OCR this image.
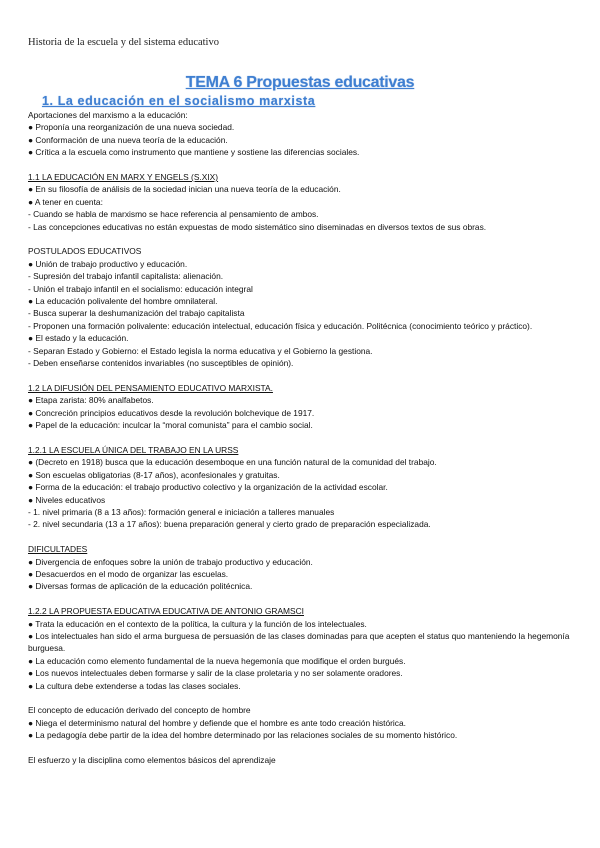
Historia de la escuela y del sistema educativo
TEMA 6 Propuestas educativas
1. La educación en el socialismo marxista

Aportaciones del marxismo a la educación:

● Proponía una reorganización de una nueva sociedad.

● Conformación de una nueva teoría de la educación.

● Crítica a la escuela como instrumento que mantiene y sostiene las diferencias sociales.

1.1 LA EDUCACIÓN EN MARX Y ENGELS (S.XIX)

● En su filosofía de análisis de la sociedad inician una nueva teoría de la educación.

● A tener en cuenta:

- Cuando se habla de marxismo se hace referencia al pensamiento de ambos.

- Las concepciones educativas no están expuestas de modo sistemático sino diseminadas en diversos textos de sus obras.

POSTULADOS EDUCATIVOS

● Unión de trabajo productivo y educación.

- Supresión del trabajo infantil capitalista: alienación.

- Unión el trabajo infantil en el socialismo: educación integral

● La educación polivalente del hombre omnilateral.

- Busca superar la deshumanización del trabajo capitalista

- Proponen una formación polivalente: educación intelectual, educación física y educación. Politécnica (conocimiento teórico y práctico).

● El estado y la educación.

- Separan Estado y Gobierno: el Estado legisla la norma educativa y el Gobierno la gestiona.

- Deben enseñarse contenidos invariables (no susceptibles de opinión).

1.2 LA DIFUSIÓN DEL PENSAMIENTO EDUCATIVO MARXISTA.

● Etapa zarista: 80% analfabetos.

● Concreción principios educativos desde la revolución bolchevique de 1917.

● Papel de la educación: inculcar la “moral comunista” para el cambio social.

1.2.1 LA ESCUELA ÚNICA DEL TRABAJO EN LA URSS

● (Decreto en 1918) busca que la educación desemboque en una función natural de la comunidad del trabajo.

● Son escuelas obligatorias (8-17 años), aconfesionales y gratuitas.

● Forma de la educación: el trabajo productivo colectivo y la organización de la actividad escolar.

● Niveles educativos

- 1. nivel primaria (8 a 13 años): formación general e iniciación a talleres manuales

- 2. nivel secundaria (13 a 17 años): buena preparación general y cierto grado de preparación especializada.

DIFICULTADES

● Divergencia de enfoques sobre la unión de trabajo productivo y educación.

● Desacuerdos en el modo de organizar las escuelas.

● Diversas formas de aplicación de la educación politécnica.

1.2.2 LA PROPUESTA EDUCATIVA EDUCATIVA DE ANTONIO GRAMSCI

● Trata la educación en el contexto de la política, la cultura y la función de los intelectuales.

● Los intelectuales han sido el arma burguesa de persuasión de las clases dominadas para que acepten el status quo manteniendo la hegemonía burguesa.

● La educación como elemento fundamental de la nueva hegemonía que modifique el orden burgués.

● Los nuevos intelectuales deben formarse y salir de la clase proletaria y no ser solamente oradores.

● La cultura debe extenderse a todas las clases sociales.

El concepto de educación derivado del concepto de hombre

● Niega el determinismo natural del hombre y defiende que el hombre es ante todo creación histórica.

● La pedagogía debe partir de la idea del hombre determinado por las relaciones sociales de su momento histórico.

El esfuerzo y la disciplina como elementos básicos del aprendizaje
